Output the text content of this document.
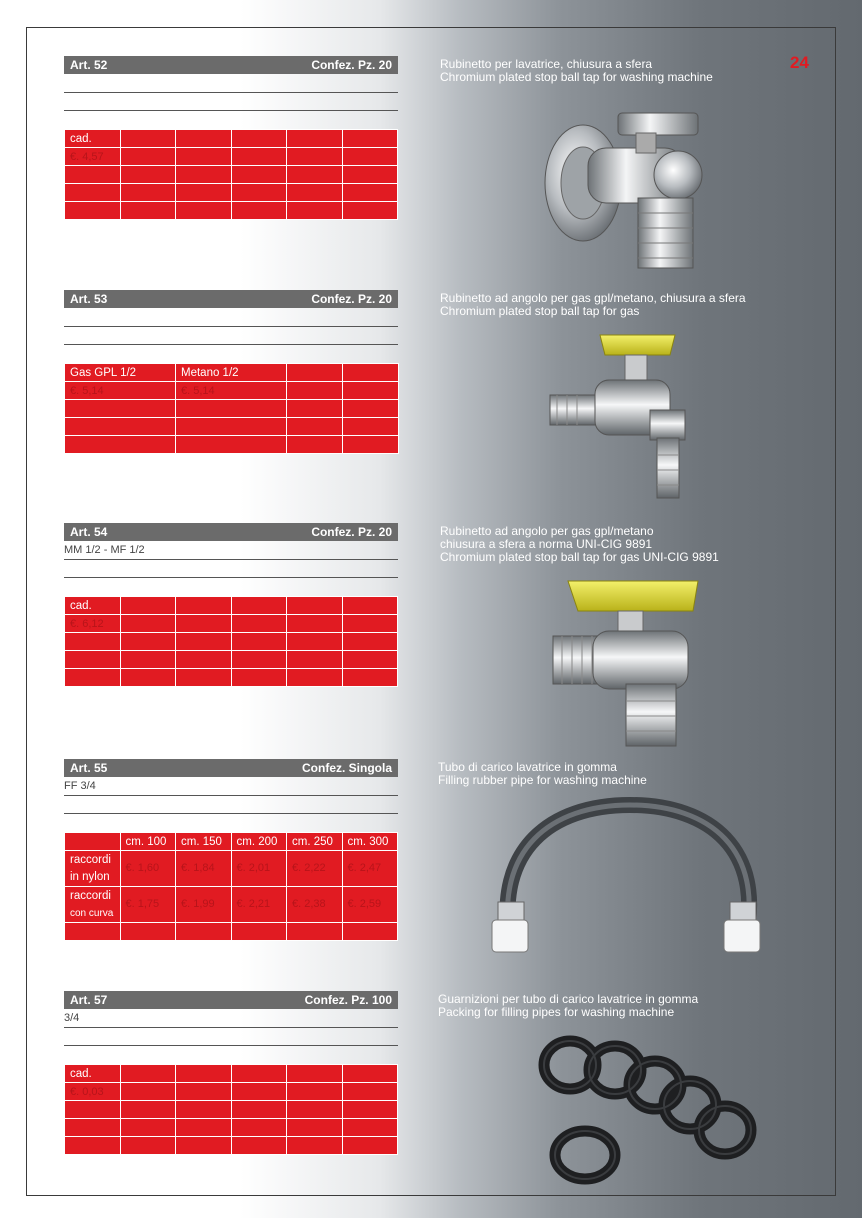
24
Art. 52	Confez. Pz. 20
cad.					
€. 4,57					

Rubinetto per lavatrice, chiusura a sfera
Chromium plated stop ball tap for washing machine
Art. 53	Confez. Pz. 20
Gas GPL 1/2	Metano 1/2		
€. 5,14	€. 5,14		

Rubinetto ad angolo per gas gpl/metano, chiusura a sfera
Chromium plated stop ball tap for gas
Art. 54	Confez. Pz. 20
MM 1/2 - MF 1/2
cad.					
€. 6,12					

Rubinetto ad angolo per gas gpl/metano
chiusura a sfera a norma UNI-CIG 9891
Chromium plated stop ball tap for gas UNI-CIG 9891
Art. 55	Confez. Singola
FF 3/4
	cm. 100	cm. 150	cm. 200	cm. 250	cm. 300
raccordi
in nylon	€. 1,60	€. 1,84	€. 2,01	€. 2,22	€. 2,47
raccordi
con curva	€. 1,75	€. 1,99	€. 2,21	€. 2,38	€. 2,59

Tubo di carico lavatrice in gomma
Filling rubber pipe for washing machine
Art. 57	Confez. Pz. 100
3/4
cad.					
€. 0,03					

Guarnizioni per tubo di carico lavatrice in gomma
Packing for filling pipes for washing machine
